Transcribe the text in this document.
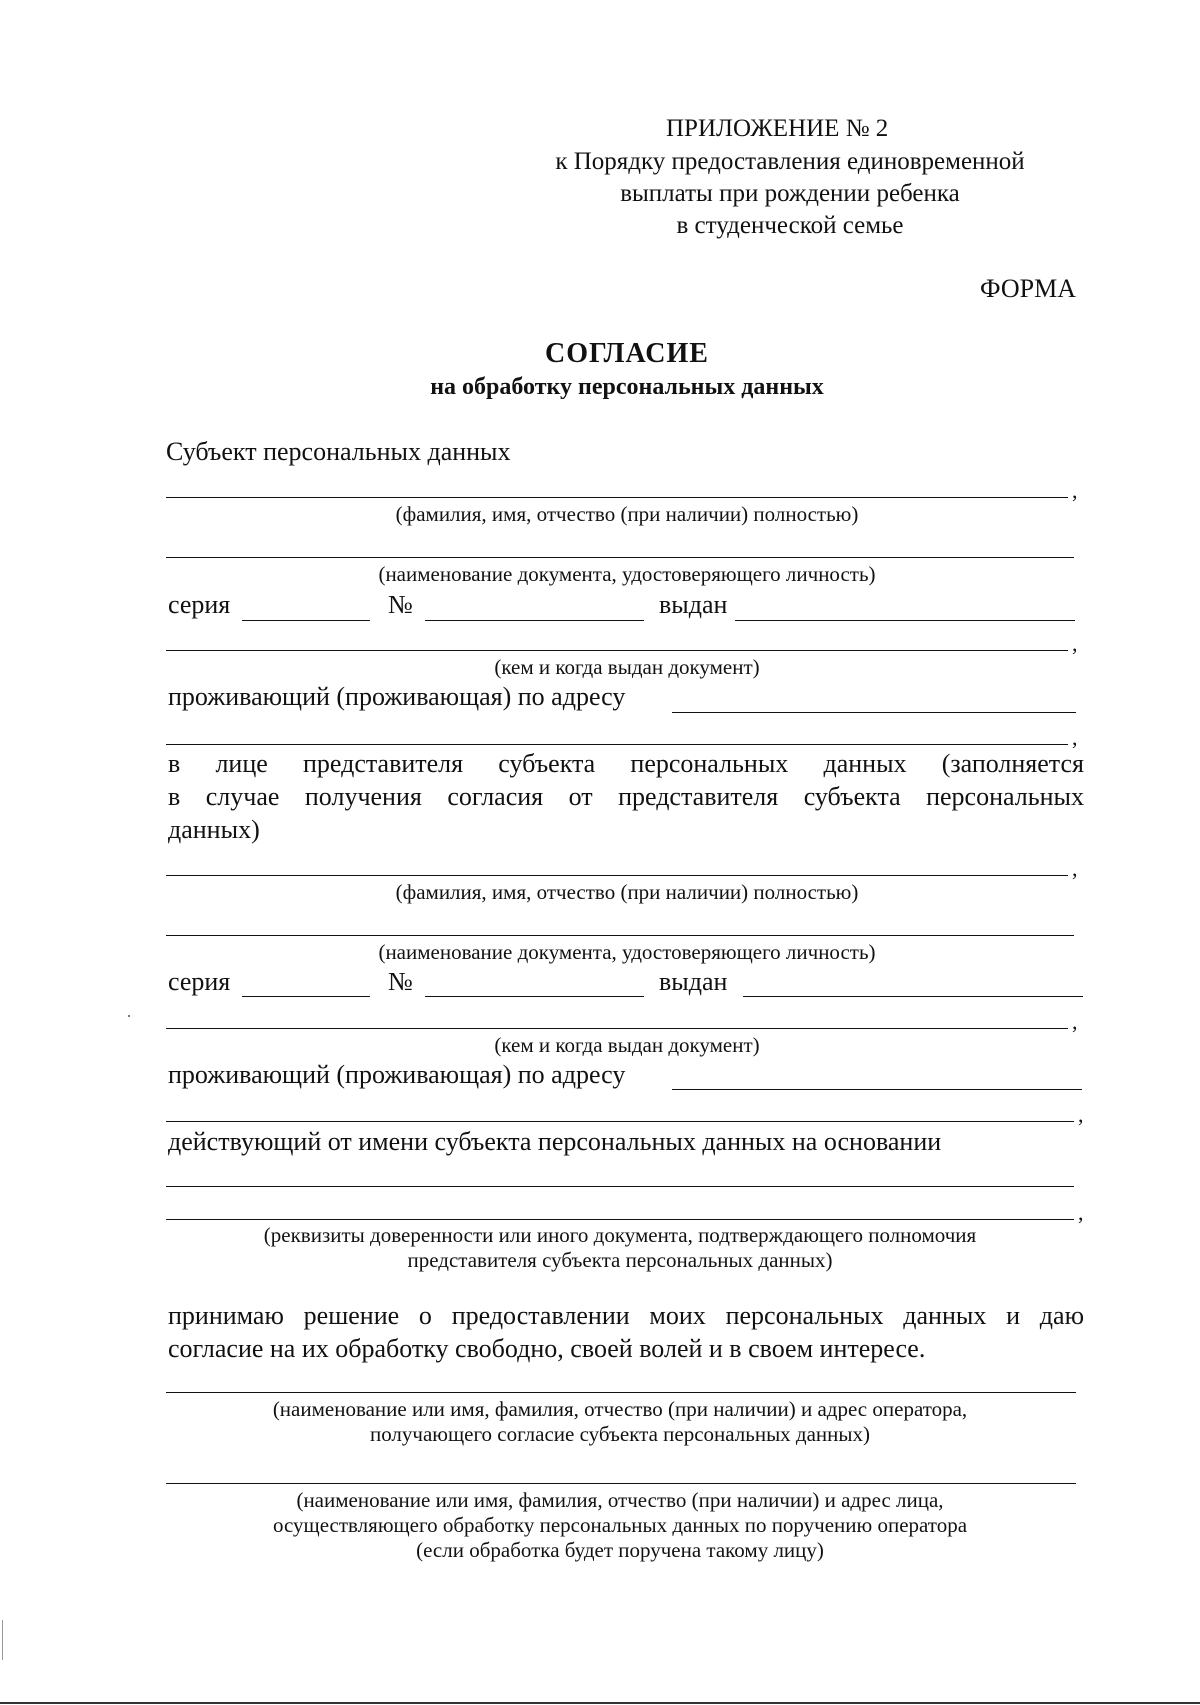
ПРИЛОЖЕНИЕ № 2
к Порядку предоставления единовременной
выплаты при рождении ребенка
в студенческой семье
ФОРМА
СОГЛАСИЕ
на обработку персональных данных
Субъект персональных данных
,
(фамилия, имя, отчество (при наличии) полностью)
(наименование документа, удостоверяющего личность)
серия	№	выдан
,
(кем и когда выдан документ)
проживающий (проживающая) по адресу
,
в лице представителя субъекта персональных данных (заполняется
в случае получения согласия от представителя субъекта персональных
данных)
,
(фамилия, имя, отчество (при наличии) полностью)
(наименование документа, удостоверяющего личность)
серия	№	выдан
,
(кем и когда выдан документ)
проживающий (проживающая) по адресу
,
действующий от имени субъекта персональных данных на основании
,
(реквизиты доверенности или иного документа, подтверждающего полномочия
представителя субъекта персональных данных)
принимаю решение о предоставлении моих персональных данных и даю
согласие на их обработку свободно, своей волей и в своем интересе.
(наименование или имя, фамилия, отчество (при наличии) и адрес оператора,
получающего согласие субъекта персональных данных)
(наименование или имя, фамилия, отчество (при наличии) и адрес лица,
осуществляющего обработку персональных данных по поручению оператора
(если обработка будет поручена такому лицу)
